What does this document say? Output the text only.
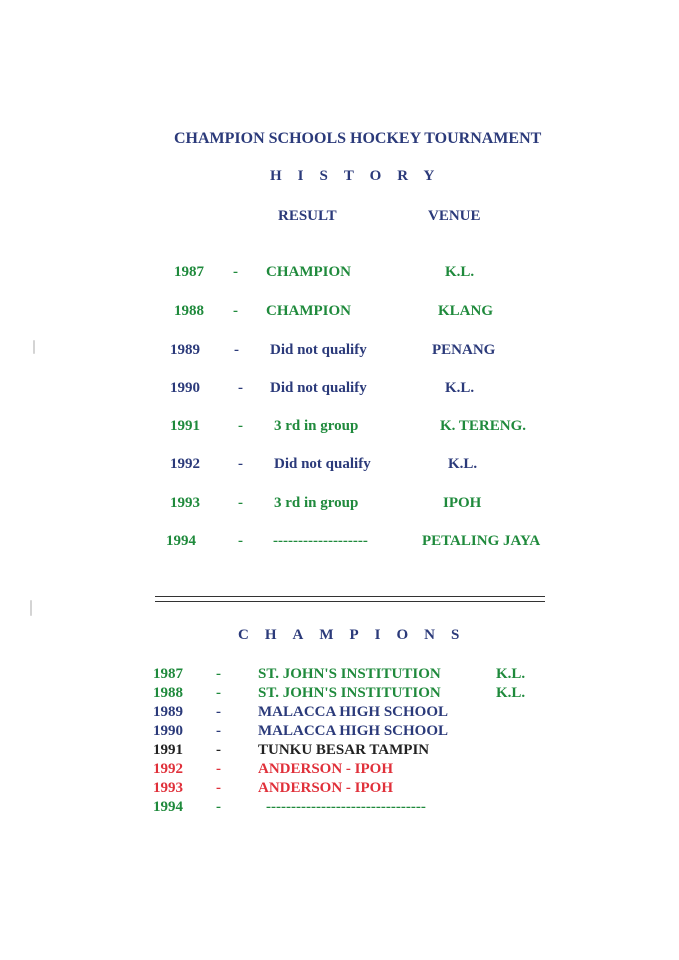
CHAMPION SCHOOLS HOCKEY TOURNAMENT
HISTORY
RESULT	VENUE
1987 - CHAMPION	K.L.
1988 - CHAMPION	KLANG
1989 - Did not qualify	PENANG
1990	- Did not qualify	K.L.
1991	- 3 rd in group	K. TERENG.
1992	- Did not qualify	K.L.
1993	- 3 rd in group	IPOH
1994	- -------------------	PETALING JAYA
CHAMPIONS
1987 - ST. JOHN'S INSTITUTION	K.L.
1988 - ST. JOHN'S INSTITUTION	K.L.
1989 - MALACCA HIGH SCHOOL
1990 - MALACCA HIGH SCHOOL
1991 - TUNKU BESAR TAMPIN
1992 - ANDERSON - IPOH
1993 - ANDERSON - IPOH
1994 -	--------------------------------
